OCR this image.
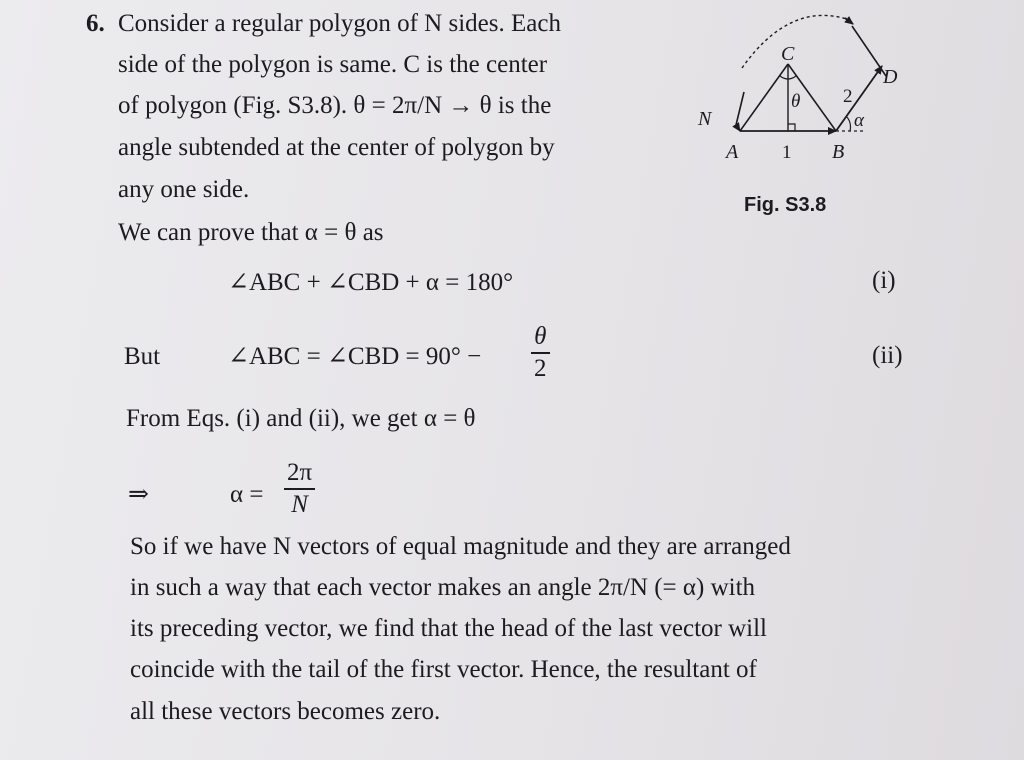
6. Consider a regular polygon of N sides. Each
side of the polygon is same. C is the center
of polygon (Fig. S3.8). θ = 2π/N → θ is the
angle subtended at the center of polygon by
any one side.
We can prove that α = θ as
C
D
N
A	B
1
2
θ
α
Fig. S3.8
∠ABC + ∠CBD + α = 180°	(i)
But	∠ABC = ∠CBD = 90° −
θ
2	(ii)
From Eqs. (i) and (ii), we get α = θ
⇒	α =
2π
N
So if we have N vectors of equal magnitude and they are arranged
in such a way that each vector makes an angle 2π/N (= α) with
its preceding vector, we find that the head of the last vector will
coincide with the tail of the first vector. Hence, the resultant of
all these vectors becomes zero.
